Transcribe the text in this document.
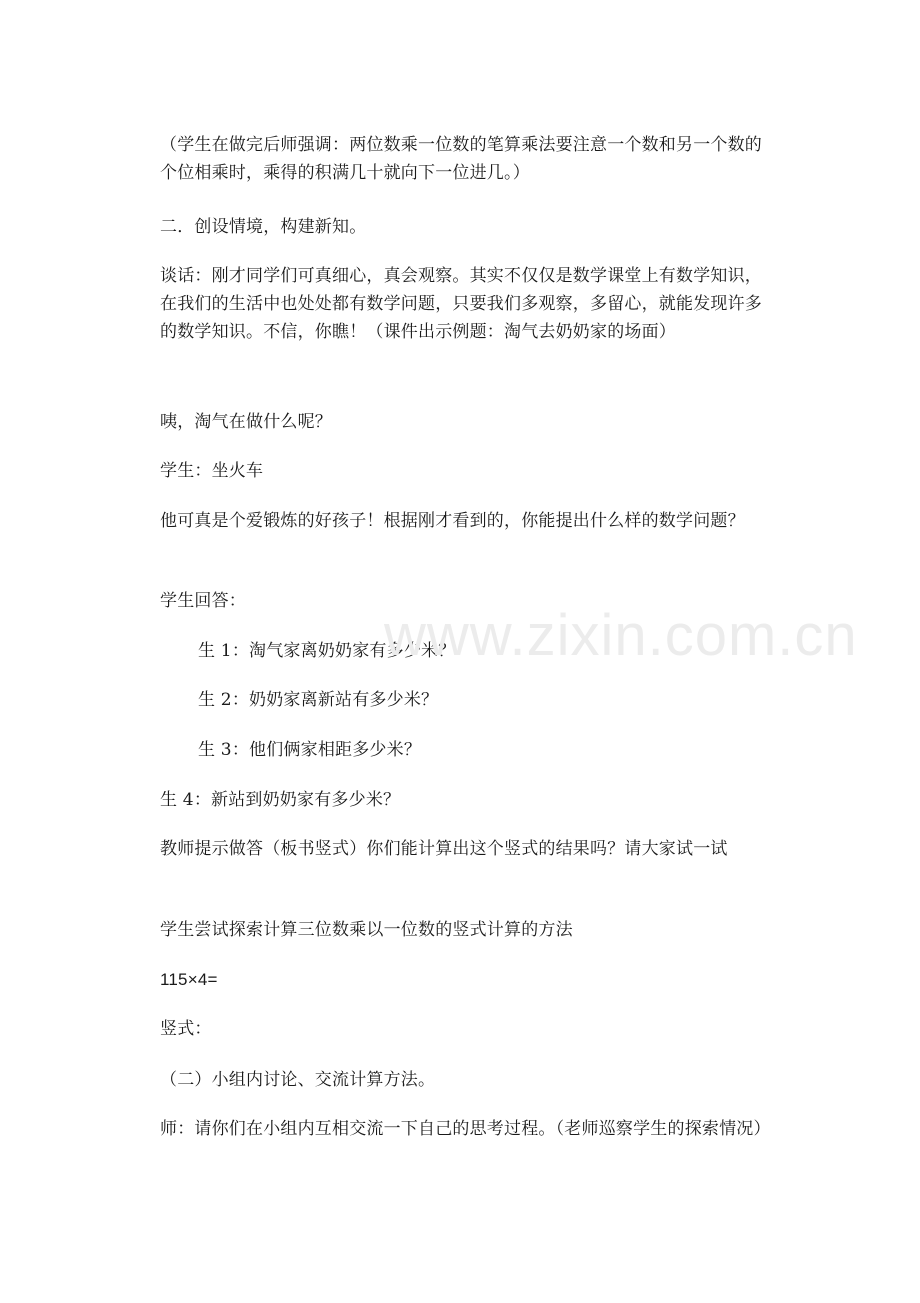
（学生在做完后师强调：两位数乘一位数的笔算乘法要注意一个数和另一个数的个位相乘时，乘得的积满几十就向下一位进几。）
二．创设情境，构建新知。
谈话：刚才同学们可真细心，真会观察。其实不仅仅是数学课堂上有数学知识，在我们的生活中也处处都有数学问题，只要我们多观察，多留心，就能发现许多的数学知识。不信，你瞧！（课件出示例题：淘气去奶奶家的场面）
咦，淘气在做什么呢？
学生：坐火车
他可真是个爱锻炼的好孩子！根据刚才看到的，你能提出什么样的数学问题？
学生回答：
生 1：淘气家离奶奶家有多少米？
生 2：奶奶家离新站有多少米？
生 3：他们俩家相距多少米？
生 4：新站到奶奶家有多少米？
教师提示做答（板书竖式）你们能计算出这个竖式的结果吗？请大家试一试
学生尝试探索计算三位数乘以一位数的竖式计算的方法
115×4=
竖式：
（二）小组内讨论、交流计算方法。
师：请你们在小组内互相交流一下自己的思考过程。（老师巡察学生的探索情况）
www.zixin.com.cn
